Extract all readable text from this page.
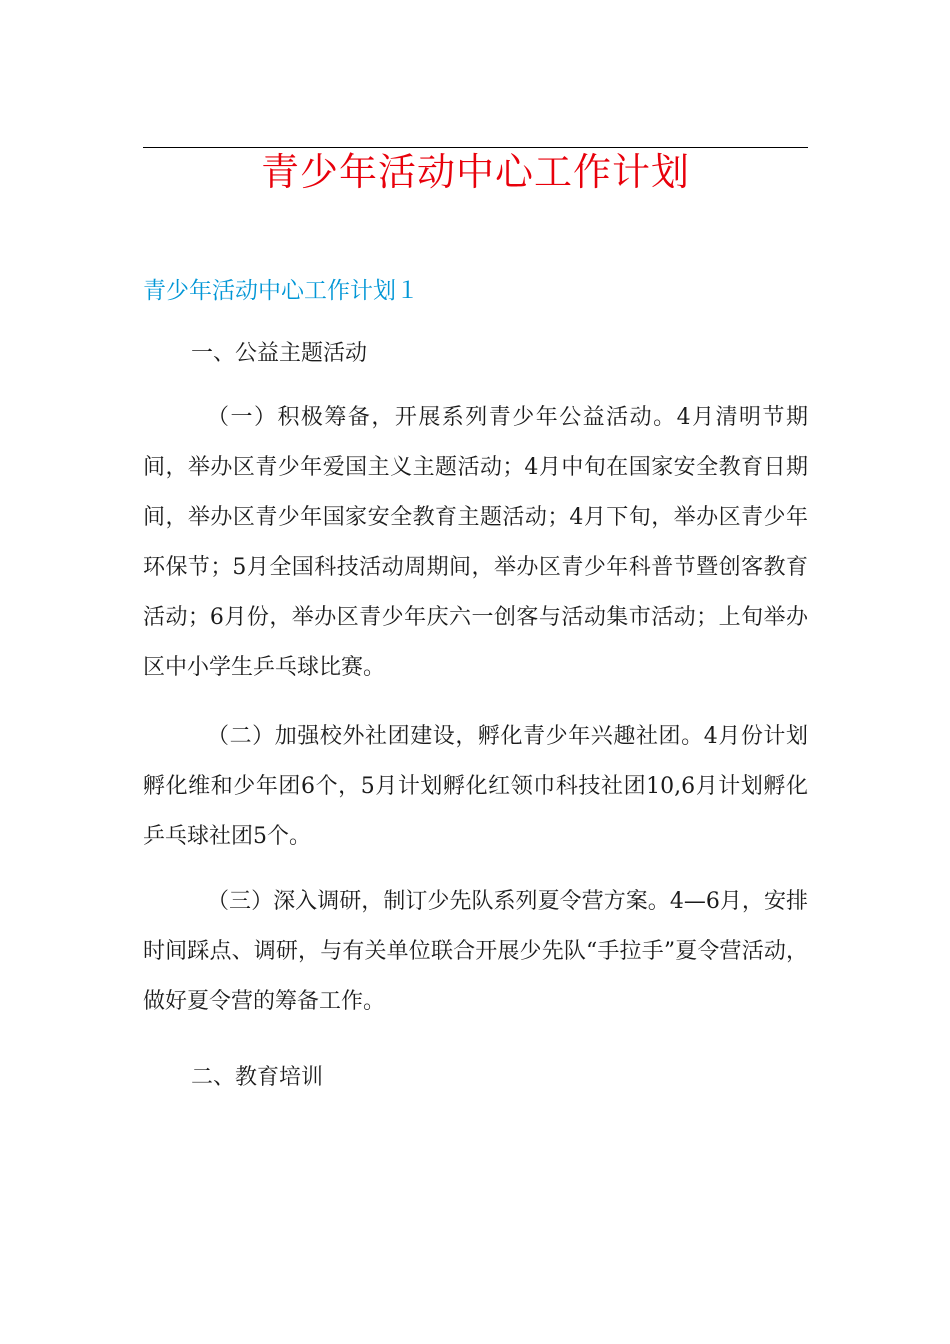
青少年活动中心工作计划
青少年活动中心工作计划１

一、公益主题活动

（一）积极筹备，开展系列青少年公益活动。4月清明节期间，举办区青少年爱国主义主题活动；4月中旬在国家安全教育日期间，举办区青少年国家安全教育主题活动；4月下旬，举办区青少年环保节；5月全国科技活动周期间，举办区青少年科普节暨创客教育活动；6月份，举办区青少年庆六一创客与活动集市活动；上旬举办区中小学生乒乓球比赛。

（二）加强校外社团建设，孵化青少年兴趣社团。4月份计划孵化维和少年团6个，5月计划孵化红领巾科技社团10,6月计划孵化乒乓球社团5个。

（三）深入调研，制订少先队系列夏令营方案。4—6月，安排时间踩点、调研，与有关单位联合开展少先队“手拉手”夏令营活动，做好夏令营的筹备工作。

二、教育培训
